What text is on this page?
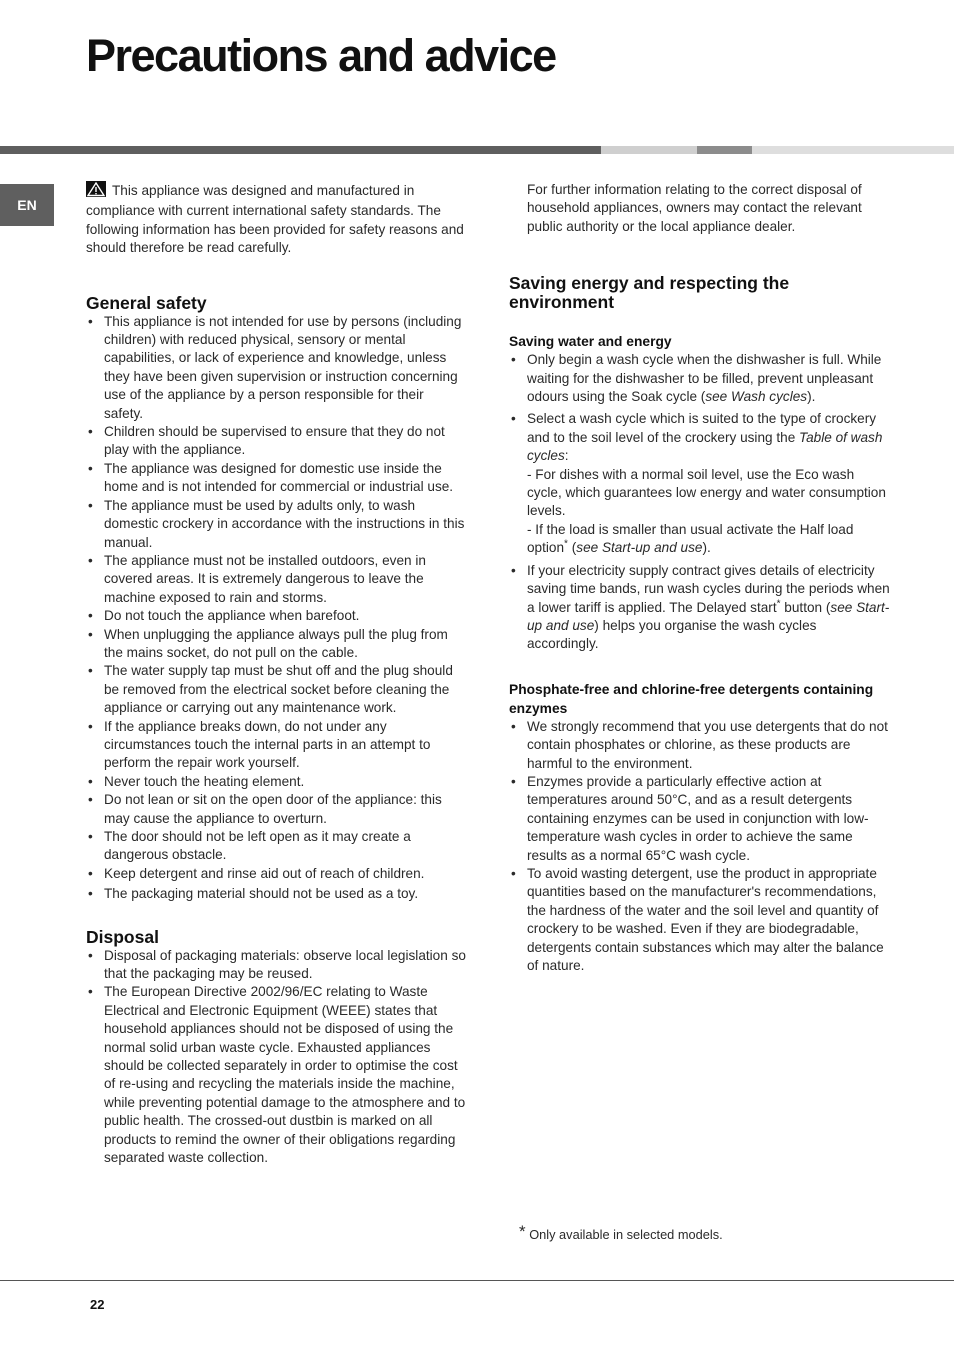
Precautions and advice
EN

This appliance was designed and manufactured in compliance with current international safety standards. The following information has been provided for safety reasons and should therefore be read carefully.

General safety
• This appliance is not intended for use by persons (including children) with reduced physical, sensory or mental capabilities, or lack of experience and knowledge, unless they have been given supervision or instruction concerning use of the appliance by a person responsible for their safety.
• Children should be supervised to ensure that they do not play with the appliance.
• The appliance was designed for domestic use inside the home and is not intended for commercial or industrial use.
• The appliance must be used by adults only, to wash domestic crockery in accordance with the instructions in this manual.
• The appliance must not be installed outdoors, even in covered areas. It is extremely dangerous to leave the machine exposed to rain and storms.
• Do not touch the appliance when barefoot.
• When unplugging the appliance always pull the plug from the mains socket, do not pull on the cable.
• The water supply tap must be shut off and the plug should be removed from the electrical socket before cleaning the appliance or carrying out any maintenance work.
• If the appliance breaks down, do not under any circumstances touch the internal parts in an attempt to perform the repair work yourself.
• Never touch the heating element.
• Do not lean or sit on the open door of the appliance: this may cause the appliance to overturn.
• The door should not be left open as it may create a dangerous obstacle.
• Keep detergent and rinse aid out of reach of children.
• The packaging material should not be used as a toy.
Disposal
• Disposal of packaging materials: observe local legislation so that the packaging may be reused.
• The European Directive 2002/96/EC relating to Waste Electrical and Electronic Equipment (WEEE) states that household appliances should not be disposed of using the normal solid urban waste cycle. Exhausted appliances should be collected separately in order to optimise the cost of re-using and recycling the materials inside the machine, while preventing potential damage to the atmosphere and to public health. The crossed-out dustbin is marked on all products to remind the owner of their obligations regarding separated waste collection.

For further information relating to the correct disposal of household appliances, owners may contact the relevant public authority or the local appliance dealer.

Saving energy and respecting the environment
Saving water and energy
• Only begin a wash cycle when the dishwasher is full. While waiting for the dishwasher to be filled, prevent unpleasant odours using the Soak cycle (see Wash cycles).
• Select a wash cycle which is suited to the type of crockery and to the soil level of the crockery using the Table of wash cycles:
- For dishes with a normal soil level, use the Eco wash cycle, which guarantees low energy and water consumption levels.
- If the load is smaller than usual activate the Half load option* (see Start-up and use).
• If your electricity supply contract gives details of electricity saving time bands, run wash cycles during the periods when a lower tariff is applied. The Delayed start* button (see Start-up and use) helps you organise the wash cycles accordingly.
Phosphate-free and chlorine-free detergents containing enzymes
• We strongly recommend that you use detergents that do not contain phosphates or chlorine, as these products are harmful to the environment.
• Enzymes provide a particularly effective action at temperatures around 50°C, and as a result detergents containing enzymes can be used in conjunction with low-temperature wash cycles in order to achieve the same results as a normal 65°C wash cycle.
• To avoid wasting detergent, use the product in appropriate quantities based on the manufacturer's recommendations, the hardness of the water and the soil level and quantity of crockery to be washed. Even if they are biodegradable, detergents contain substances which may alter the balance of nature.
* Only available in selected models.
22
